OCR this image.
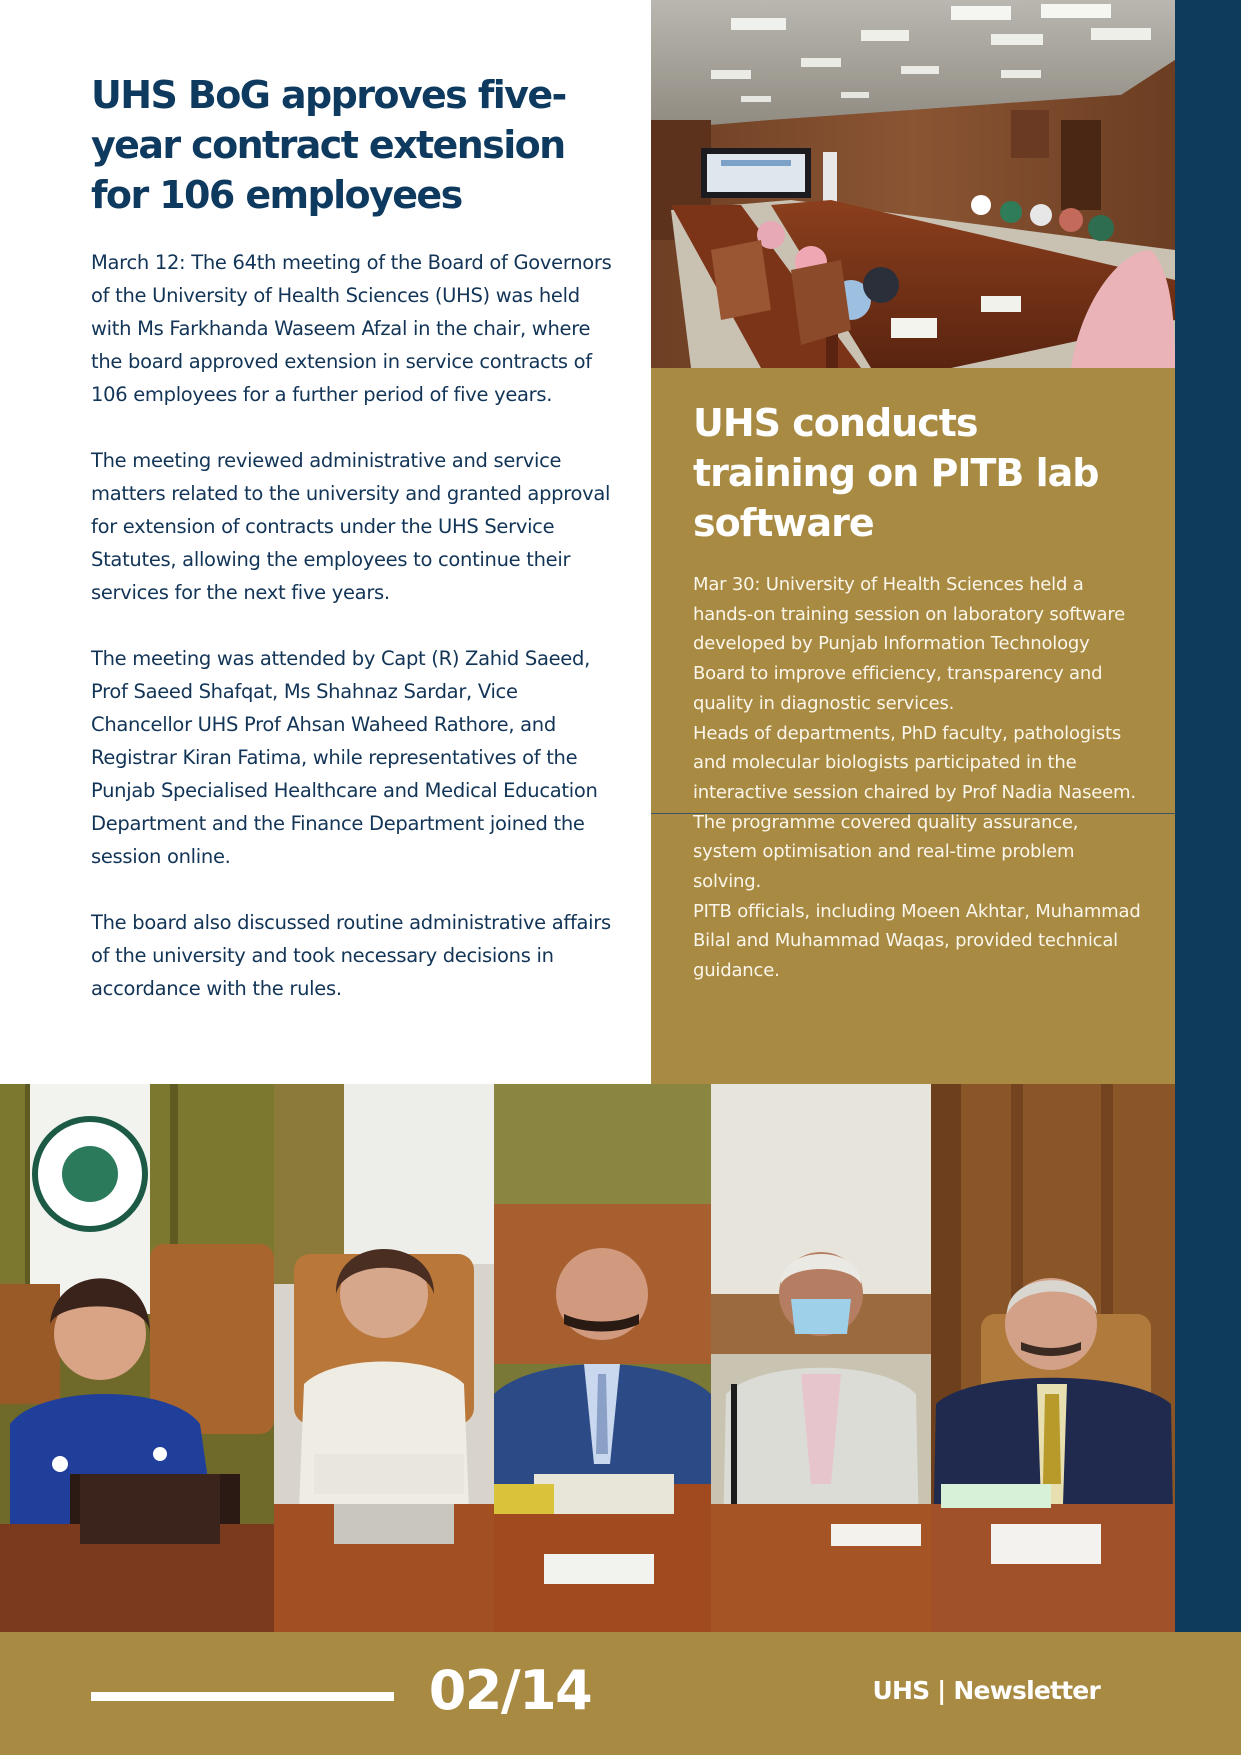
UHS BoG approves five-year contract extension for 106 employees

March 12: The 64th meeting of the Board of Governors of the University of Health Sciences (UHS) was held with Ms Farkhanda Waseem Afzal in the chair, where the board approved extension in service contracts of 106 employees for a further period of five years.

The meeting reviewed administrative and service matters related to the university and granted approval for extension of contracts under the UHS Service Statutes, allowing the employees to continue their services for the next five years.

The meeting was attended by Capt (R) Zahid Saeed, Prof Saeed Shafqat, Ms Shahnaz Sardar, Vice Chancellor UHS Prof Ahsan Waheed Rathore, and Registrar Kiran Fatima, while representatives of the Punjab Specialised Healthcare and Medical Education Department and the Finance Department joined the session online.

The board also discussed routine administrative affairs of the university and took necessary decisions in accordance with the rules.

UHS conducts training on PITB lab software

Mar 30: University of Health Sciences held a hands-on training session on laboratory software developed by Punjab Information Technology Board to improve efficiency, transparency and quality in diagnostic services.

Heads of departments, PhD faculty, pathologists and molecular biologists participated in the interactive session chaired by Prof Nadia Naseem. The programme covered quality assurance, system optimisation and real-time problem solving.

PITB officials, including Moeen Akhtar, Muhammad Bilal and Muhammad Waqas, provided technical guidance.

02/14	UHS | Newsletter
